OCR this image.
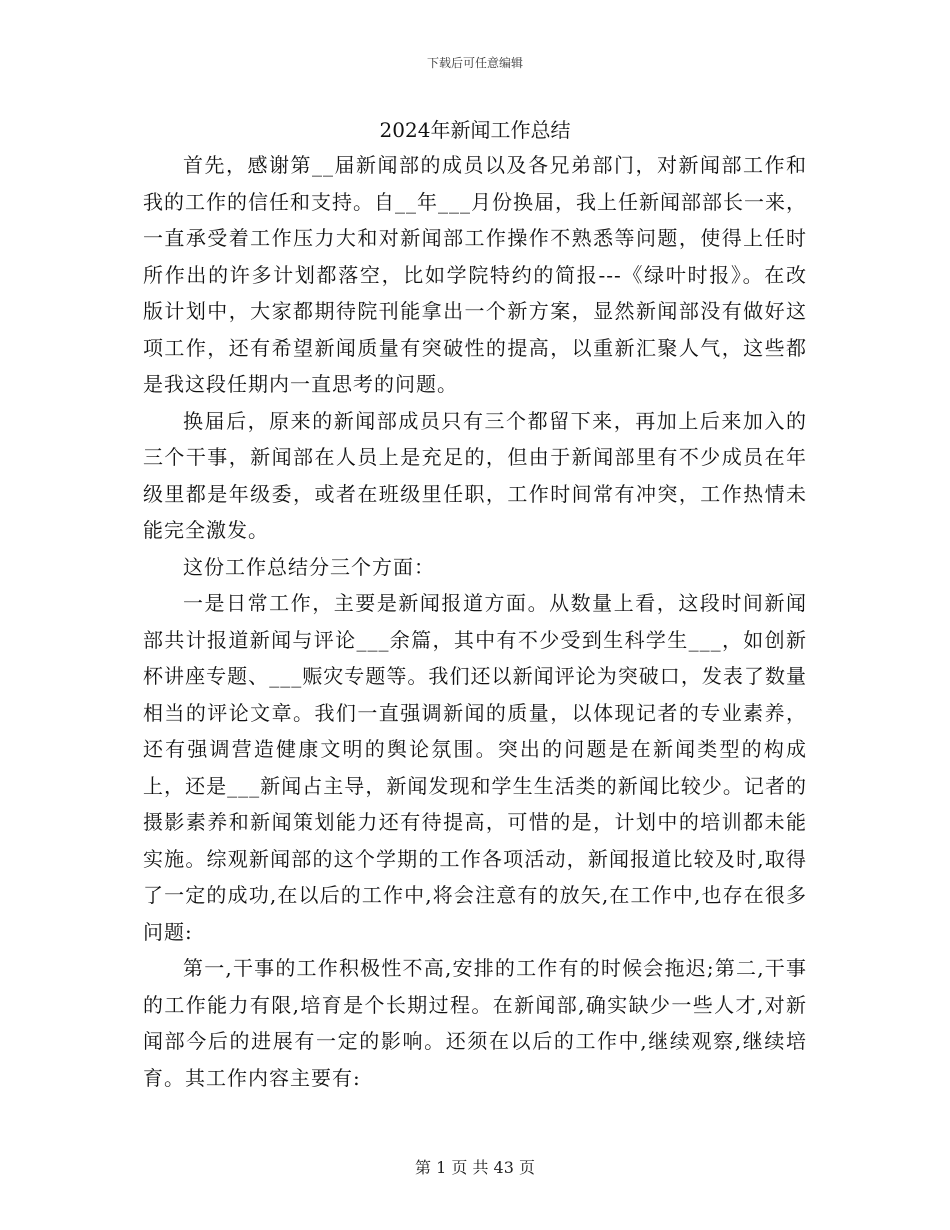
下载后可任意编辑
2024年新闻工作总结

首先，感谢第__届新闻部的成员以及各兄弟部门，对新闻部工作和我的工作的信任和支持。自__年___月份换届，我上任新闻部部长一来，一直承受着工作压力大和对新闻部工作操作不熟悉等问题，使得上任时所作出的许多计划都落空，比如学院特约的简报---《绿叶时报》。在改版计划中，大家都期待院刊能拿出一个新方案，显然新闻部没有做好这项工作，还有希望新闻质量有突破性的提高，以重新汇聚人气，这些都是我这段任期内一直思考的问题。

换届后，原来的新闻部成员只有三个都留下来，再加上后来加入的三个干事，新闻部在人员上是充足的，但由于新闻部里有不少成员在年级里都是年级委，或者在班级里任职，工作时间常有冲突，工作热情未能完全激发。

这份工作总结分三个方面：

一是日常工作，主要是新闻报道方面。从数量上看，这段时间新闻部共计报道新闻与评论___余篇，其中有不少受到生科学生___，如创新杯讲座专题、___赈灾专题等。我们还以新闻评论为突破口，发表了数量相当的评论文章。我们一直强调新闻的质量，以体现记者的专业素养，还有强调营造健康文明的舆论氛围。突出的问题是在新闻类型的构成上，还是___新闻占主导，新闻发现和学生生活类的新闻比较少。记者的摄影素养和新闻策划能力还有待提高，可惜的是，计划中的培训都未能实施。综观新闻部的这个学期的工作各项活动，新闻报道比较及时,取得了一定的成功,在以后的工作中,将会注意有的放矢,在工作中,也存在很多问题:

第一,干事的工作积极性不高,安排的工作有的时候会拖迟;第二,干事的工作能力有限,培育是个长期过程。在新闻部,确实缺少一些人才,对新闻部今后的进展有一定的影响。还须在以后的工作中,继续观察,继续培育。其工作内容主要有:

第 1 页 共 43 页
